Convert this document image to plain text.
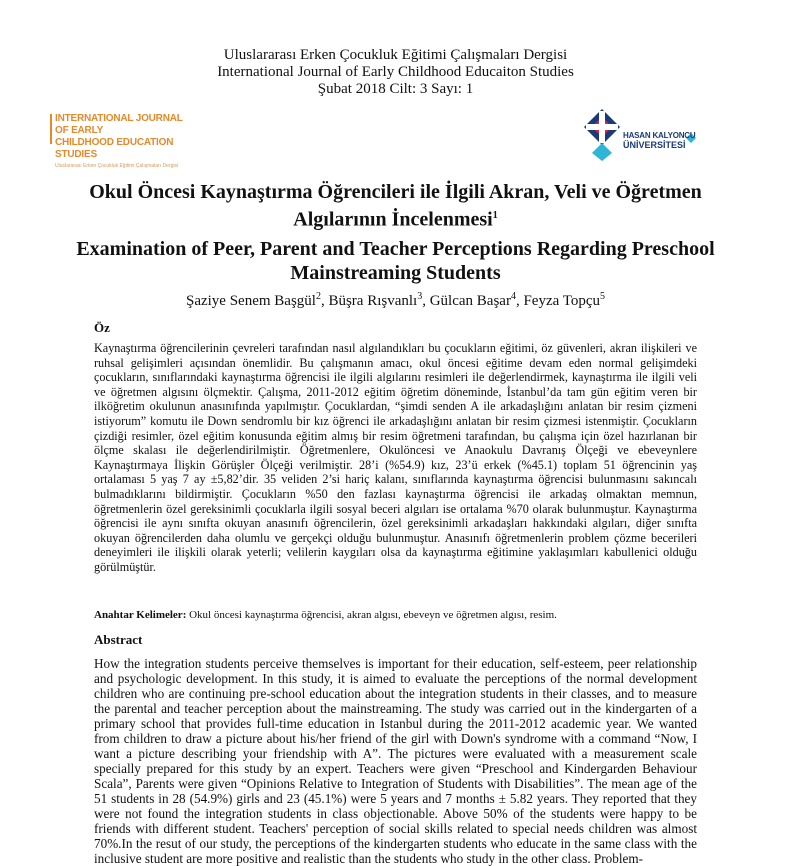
Uluslararası Erken Çocukluk Eğitimi Çalışmaları Dergisi
International Journal of Early Childhood Educaiton Studies
Şubat 2018 Cilt: 3 Sayı: 1
INTERNATIONAL JOURNAL OF EARLY
CHILDHOOD EDUCATION STUDIES
Uluslararası Erken Çocukluk Eğitimi Çalışmaları Dergisi
HASAN KALYONCU
ÜNİVERSİTESİ
Okul Öncesi Kaynaştırma Öğrencileri ile İlgili Akran, Veli ve Öğretmen Algılarının İncelenmesi$^1$
Examination of Peer, Parent and Teacher Perceptions Regarding Preschool Mainstreaming Students
Şaziye Senem Başgül$^2$, Büşra Rışvanlı$^3$, Gülcan Başar$^4$, Feyza Topçu$^5$
Öz
Kaynaştırma öğrencilerinin çevreleri tarafından nasıl algılandıkları bu çocukların eğitimi, öz güvenleri, akran ilişkileri ve ruhsal gelişimleri açısından önemlidir. Bu çalışmanın amacı, okul öncesi eğitime devam eden normal gelişimdeki çocukların, sınıflarındaki kaynaştırma öğrencisi ile ilgili algılarını resimleri ile değerlendirmek, kaynaştırma ile ilgili veli ve öğretmen algısını ölçmektir. Çalışma, 2011-2012 eğitim öğretim döneminde, İstanbul’da tam gün eğitim veren bir ilköğretim okulunun anasınıfında yapılmıştır. Çocuklardan, “şimdi senden A ile arkadaşlığını anlatan bir resim çizmeni istiyorum” komutu ile Down sendromlu bir kız öğrenci ile arkadaşlığını anlatan bir resim çizmesi istenmiştir. Çocukların çizdiği resimler, özel eğitim konusunda eğitim almış bir resim öğretmeni tarafından, bu çalışma için özel hazırlanan bir ölçme skalası ile değerlendirilmiştir. Öğretmenlere, Okulöncesi ve Anaokulu Davranış Ölçeği ve ebeveynlere Kaynaştırmaya İlişkin Görüşler Ölçeği verilmiştir. 28’i (%54.9) kız, 23’ü erkek (%45.1) toplam 51 öğrencinin yaş ortalaması 5 yaş 7 ay ±5,82’dir. 35 veliden 2’si hariç kalanı, sınıflarında kaynaştırma öğrencisi bulunmasını sakıncalı bulmadıklarını bildirmiştir. Çocukların %50 den fazlası kaynaştırma öğrencisi ile arkadaş olmaktan memnun, öğretmenlerin özel gereksinimli çocuklarla ilgili sosyal beceri algıları ise ortalama %70 olarak bulunmuştur. Kaynaştırma öğrencisi ile aynı sınıfta okuyan anasınıfı öğrencilerin, özel gereksinimli arkadaşları hakkındaki algıları, diğer sınıfta okuyan öğrencilerden daha olumlu ve gerçekçi olduğu bulunmuştur. Anasınıfı öğretmenlerin problem çözme becerileri deneyimleri ile ilişkili olarak yeterli; velilerin kaygıları olsa da kaynaştırma eğitimine yaklaşımları kabullenici olduğu görülmüştür.
Anahtar Kelimeler: Okul öncesi kaynaştırma öğrencisi, akran algısı, ebeveyn ve öğretmen algısı, resim.
Abstract
How the integration students perceive themselves is important for their education, self-esteem, peer relationship and psychologic development. In this study, it is aimed to evaluate the perceptions of the normal development children who are continuing pre-school education about the integration students in their classes, and to measure the parental and teacher perception about the mainstreaming. The study was carried out in the kindergarten of a primary school that provides full-time education in Istanbul during the 2011-2012 academic year. We wanted from children to draw a picture about his/her friend of the girl with Down's syndrome with a command “Now, I want a picture describing your friendship with A”. The pictures were evaluated with a measurement scale specially prepared for this study by an expert. Teachers were given “Preschool and Kindergarden Behaviour Scala”, Parents were given “Opinions Relative to Integration of Students with Disabilities”. The mean age of the 51 students in 28 (54.9%) girls and 23 (45.1%) were 5 years and 7 months ± 5.82 years. They reported that they were not found the integration students in class objectionable. Above 50% of the students were happy to be friends with different student. Teachers' perception of social skills related to special needs children was almost 70%.In the resut of our study, the perceptions of the kindergarten students who educate in the same class with the inclusive student are more positive and realistic than the students who study in the other class. Problem-
